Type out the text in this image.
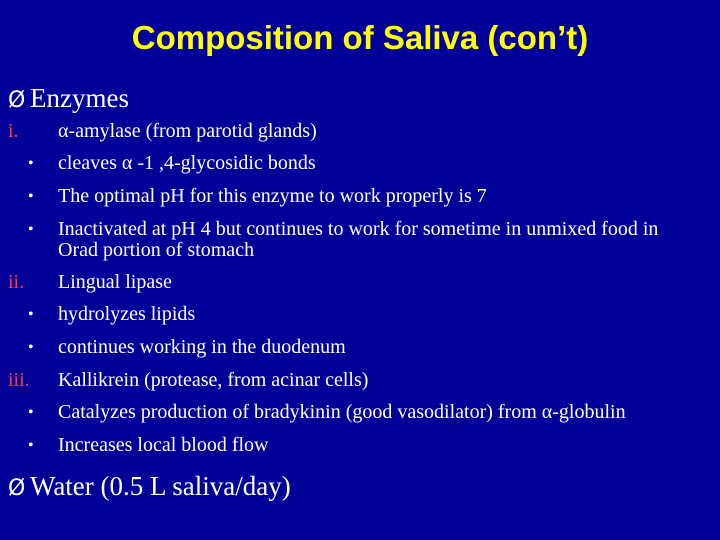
Composition of Saliva (con’t)
Ø Enzymes
i.	α-amylase (from parotid glands)
•	cleaves α -1 ,4-glycosidic bonds
•	The optimal pH for this enzyme to work properly is 7
•	Inactivated at pH 4 but continues to work for sometime in unmixed food in Orad portion of stomach
ii.	Lingual lipase
•	hydrolyzes lipids
•	continues working in the duodenum
iii.	Kallikrein (protease, from acinar cells)
•	Catalyzes production of bradykinin (good vasodilator) from α-globulin
•	Increases local blood flow
Ø Water (0.5 L saliva/day)
